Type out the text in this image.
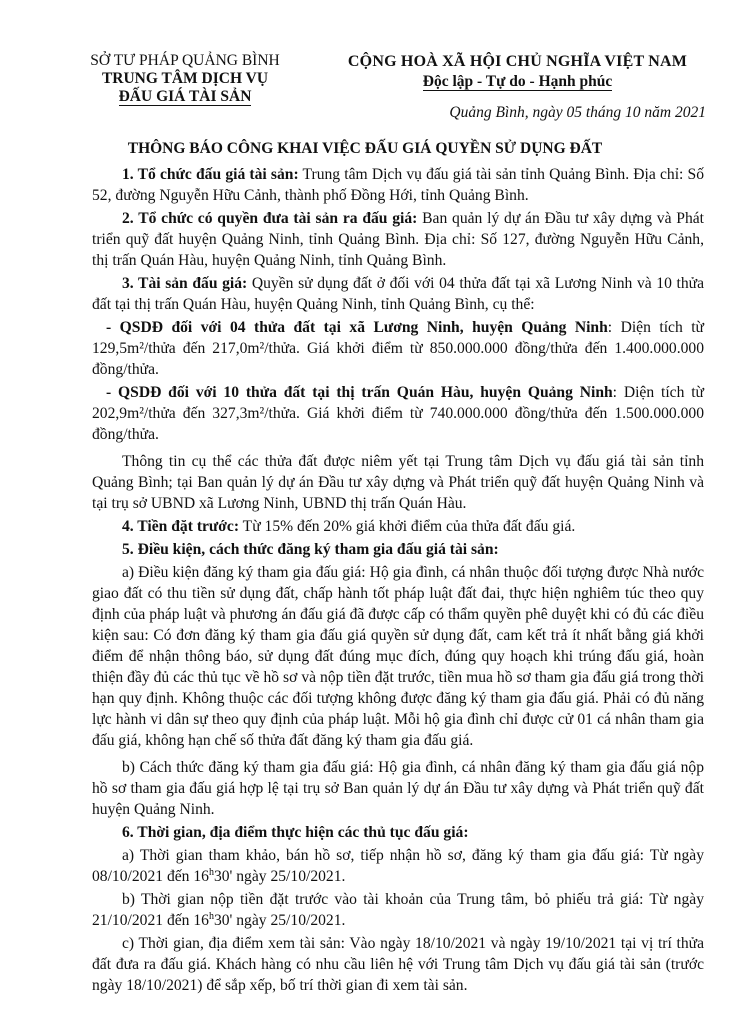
SỞ TƯ PHÁP QUẢNG BÌNH
TRUNG TÂM DỊCH VỤ
ĐẤU GIÁ TÀI SẢN
CỘNG HOÀ XÃ HỘI CHỦ NGHĨA VIỆT NAM
Độc lập - Tự do - Hạnh phúc
Quảng Bình, ngày 05 tháng 10 năm 2021
THÔNG BÁO CÔNG KHAI VIỆC ĐẤU GIÁ QUYỀN SỬ DỤNG ĐẤT

1. Tổ chức đấu giá tài sản: Trung tâm Dịch vụ đấu giá tài sản tỉnh Quảng Bình. Địa chỉ: Số 52, đường Nguyễn Hữu Cảnh, thành phố Đồng Hới, tỉnh Quảng Bình.

2. Tổ chức có quyền đưa tài sản ra đấu giá: Ban quản lý dự án Đầu tư xây dựng và Phát triển quỹ đất huyện Quảng Ninh, tỉnh Quảng Bình. Địa chỉ: Số 127, đường Nguyễn Hữu Cảnh, thị trấn Quán Hàu, huyện Quảng Ninh, tỉnh Quảng Bình.

3. Tài sản đấu giá: Quyền sử dụng đất ở đối với 04 thửa đất tại xã Lương Ninh và 10 thửa đất tại thị trấn Quán Hàu, huyện Quảng Ninh, tỉnh Quảng Bình, cụ thể:

- QSDĐ đối với 04 thửa đất tại xã Lương Ninh, huyện Quảng Ninh: Diện tích từ 129,5m²/thửa đến 217,0m²/thửa. Giá khởi điểm từ 850.000.000 đồng/thửa đến 1.400.000.000 đồng/thửa.

- QSDĐ đối với 10 thửa đất tại thị trấn Quán Hàu, huyện Quảng Ninh: Diện tích từ 202,9m²/thửa đến 327,3m²/thửa. Giá khởi điểm từ 740.000.000 đồng/thửa đến 1.500.000.000 đồng/thửa.

Thông tin cụ thể các thửa đất được niêm yết tại Trung tâm Dịch vụ đấu giá tài sản tỉnh Quảng Bình; tại Ban quản lý dự án Đầu tư xây dựng và Phát triển quỹ đất huyện Quảng Ninh và tại trụ sở UBND xã Lương Ninh, UBND thị trấn Quán Hàu.

4. Tiền đặt trước: Từ 15% đến 20% giá khởi điểm của thửa đất đấu giá.

5. Điều kiện, cách thức đăng ký tham gia đấu giá tài sản:

a) Điều kiện đăng ký tham gia đấu giá: Hộ gia đình, cá nhân thuộc đối tượng được Nhà nước giao đất có thu tiền sử dụng đất, chấp hành tốt pháp luật đất đai, thực hiện nghiêm túc theo quy định của pháp luật và phương án đấu giá đã được cấp có thẩm quyền phê duyệt khi có đủ các điều kiện sau: Có đơn đăng ký tham gia đấu giá quyền sử dụng đất, cam kết trả ít nhất bằng giá khởi điểm để nhận thông báo, sử dụng đất đúng mục đích, đúng quy hoạch khi trúng đấu giá, hoàn thiện đầy đủ các thủ tục về hồ sơ và nộp tiền đặt trước, tiền mua hồ sơ tham gia đấu giá trong thời hạn quy định. Không thuộc các đối tượng không được đăng ký tham gia đấu giá. Phải có đủ năng lực hành vi dân sự theo quy định của pháp luật. Mỗi hộ gia đình chỉ được cử 01 cá nhân tham gia đấu giá, không hạn chế số thửa đất đăng ký tham gia đấu giá.

b) Cách thức đăng ký tham gia đấu giá: Hộ gia đình, cá nhân đăng ký tham gia đấu giá nộp hồ sơ tham gia đấu giá hợp lệ tại trụ sở Ban quản lý dự án Đầu tư xây dựng và Phát triển quỹ đất huyện Quảng Ninh.

6. Thời gian, địa điểm thực hiện các thủ tục đấu giá:

a) Thời gian tham khảo, bán hồ sơ, tiếp nhận hồ sơ, đăng ký tham gia đấu giá: Từ ngày 08/10/2021 đến 16$^h$30' ngày 25/10/2021.

b) Thời gian nộp tiền đặt trước vào tài khoản của Trung tâm, bỏ phiếu trả giá: Từ ngày 21/10/2021 đến 16$^h$30' ngày 25/10/2021.

c) Thời gian, địa điểm xem tài sản: Vào ngày 18/10/2021 và ngày 19/10/2021 tại vị trí thửa đất đưa ra đấu giá. Khách hàng có nhu cầu liên hệ với Trung tâm Dịch vụ đấu giá tài sản (trước ngày 18/10/2021) để sắp xếp, bố trí thời gian đi xem tài sản.
